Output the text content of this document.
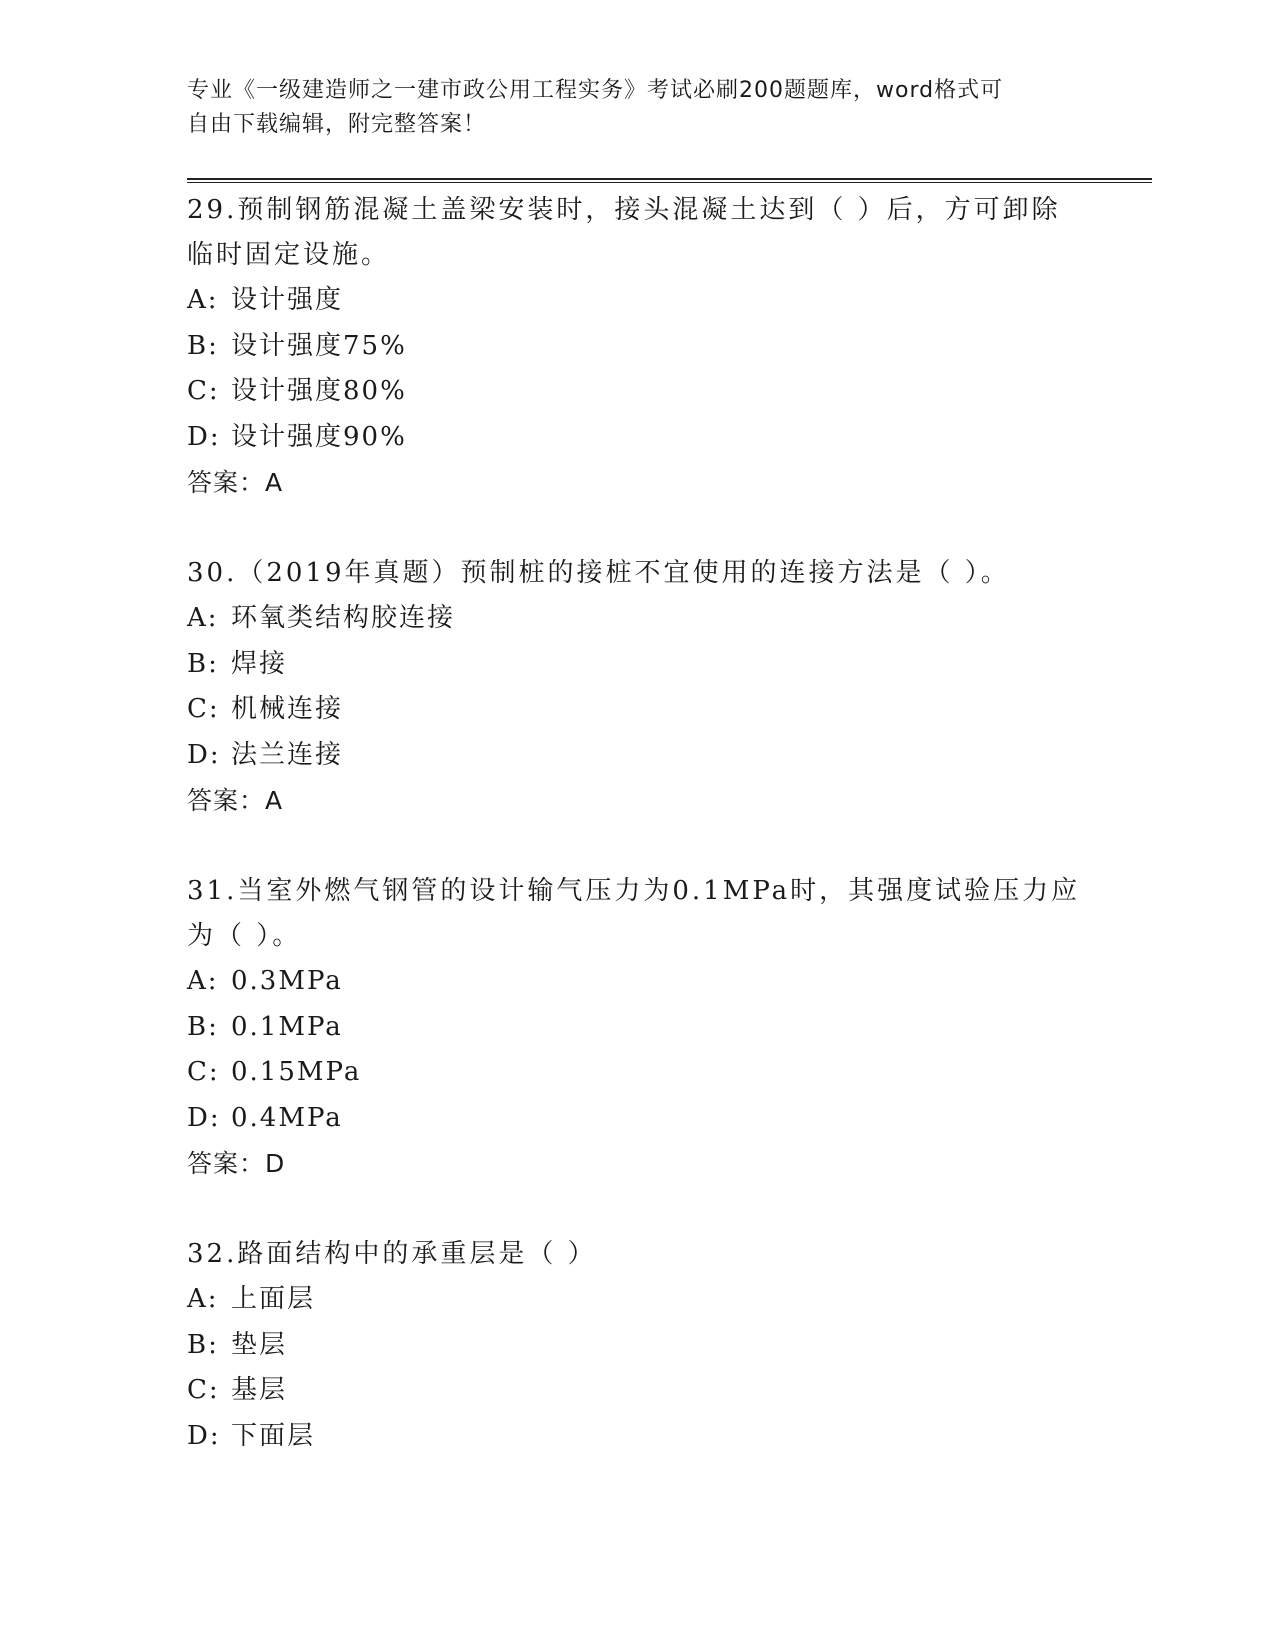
专业《一级建造师之一建市政公用工程实务》考试必刷200题题库，word格式可
自由下载编辑，附完整答案！
29.预制钢筋混凝土盖梁安装时，接头混凝土达到（ ）后，方可卸除临时固定设施。
A: 设计强度
B: 设计强度75%
C: 设计强度80%
D: 设计强度90%
答案：A
30.（2019年真题）预制桩的接桩不宜使用的连接方法是（ ）。
A: 环氧类结构胶连接
B: 焊接
C: 机械连接
D: 法兰连接
答案：A
31.当室外燃气钢管的设计输气压力为0.1MPa时，其强度试验压力应为（ ）。
A: 0.3MPa
B: 0.1MPa
C: 0.15MPa
D: 0.4MPa
答案：D
32.路面结构中的承重层是（ ）
A: 上面层
B: 垫层
C: 基层
D: 下面层
